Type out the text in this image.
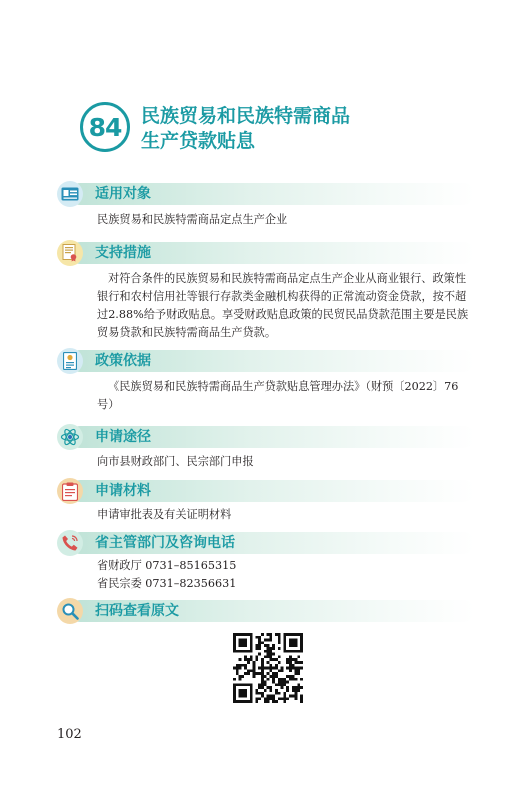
84	民族贸易和民族特需商品
生产贷款贴息
适用对象

民族贸易和民族特需商品定点生产企业

支持措施

对符合条件的民族贸易和民族特需商品定点生产企业从商业银行、政策性银行和农村信用社等银行存款类金融机构获得的正常流动资金贷款，按不超过2.88%给予财政贴息。享受财政贴息政策的民贸民品贷款范围主要是民族贸易贷款和民族特需商品生产贷款。

政策依据

《民族贸易和民族特需商品生产贷款贴息管理办法》（财预〔2022〕76号）

申请途径

向市县财政部门、民宗部门申报

申请材料

申请审批表及有关证明材料

省主管部门及咨询电话

省财政厅 0731–85165315

省民宗委 0731–82356631

扫码查看原文
102
